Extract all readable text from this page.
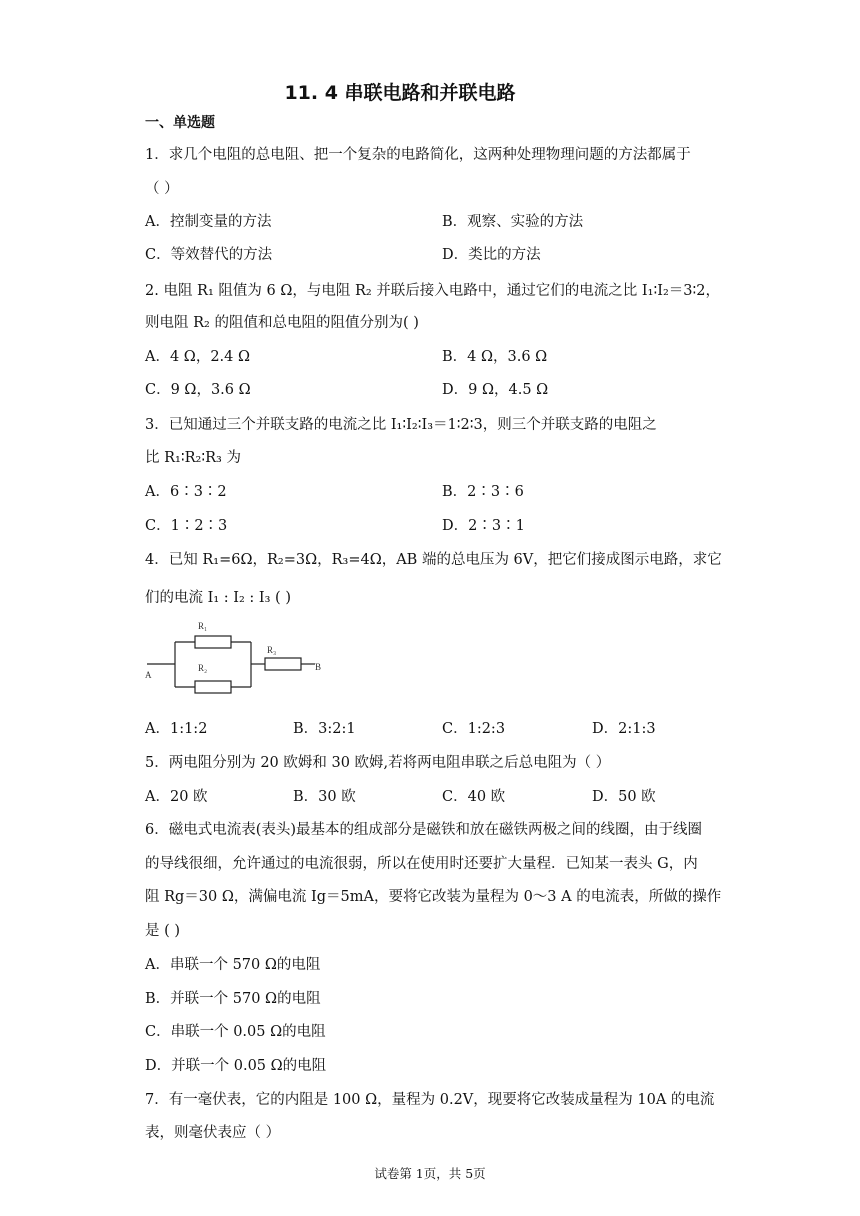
11. 4 串联电路和并联电路
一、单选题
1．求几个电阻的总电阻、把一个复杂的电路简化，这两种处理物理问题的方法都属于
（ ）
A．控制变量的方法	B．观察、实验的方法
C．等效替代的方法	D．类比的方法
2. 电阻 R₁ 阻值为 6 Ω，与电阻 R₂ 并联后接入电路中，通过它们的电流之比 I₁∶I₂＝3∶2，
则电阻 R₂ 的阻值和总电阻的阻值分别为( )
A．4 Ω，2.4 Ω	B．4 Ω，3.6 Ω
C．9 Ω，3.6 Ω	D．9 Ω，4.5 Ω
3．已知通过三个并联支路的电流之比 I₁∶I₂∶I₃＝1∶2∶3，则三个并联支路的电阻之
比 R₁∶R₂∶R₃ 为
A．6∶3∶2	B．2∶3∶6
C．1∶2∶3	D．2∶3∶1
4．已知 R₁=6Ω，R₂=3Ω，R₃=4Ω，AB 端的总电压为 6V，把它们接成图示电路，求它
们的电流 I₁ : I₂ : I₃ ( )
R₁
R₂
R₃
A
B
A．1:1:2	B．3:2:1	C．1:2:3	D．2:1:3
5．两电阻分别为 20 欧姆和 30 欧姆,若将两电阻串联之后总电阻为（ ）
A．20 欧	B．30 欧	C．40 欧	D．50 欧
6．磁电式电流表(表头)最基本的组成部分是磁铁和放在磁铁两极之间的线圈，由于线圈
的导线很细，允许通过的电流很弱，所以在使用时还要扩大量程．已知某一表头 G，内
阻 Rg＝30 Ω，满偏电流 Ig＝5mA，要将它改装为量程为 0～3 A 的电流表，所做的操作
是 ( )
A．串联一个 570 Ω的电阻
B．并联一个 570 Ω的电阻
C．串联一个 0.05 Ω的电阻
D．并联一个 0.05 Ω的电阻
7．有一毫伏表，它的内阻是 100 Ω，量程为 0.2V，现要将它改装成量程为 10A 的电流
表，则毫伏表应（ ）
试卷第 1页，共 5页
